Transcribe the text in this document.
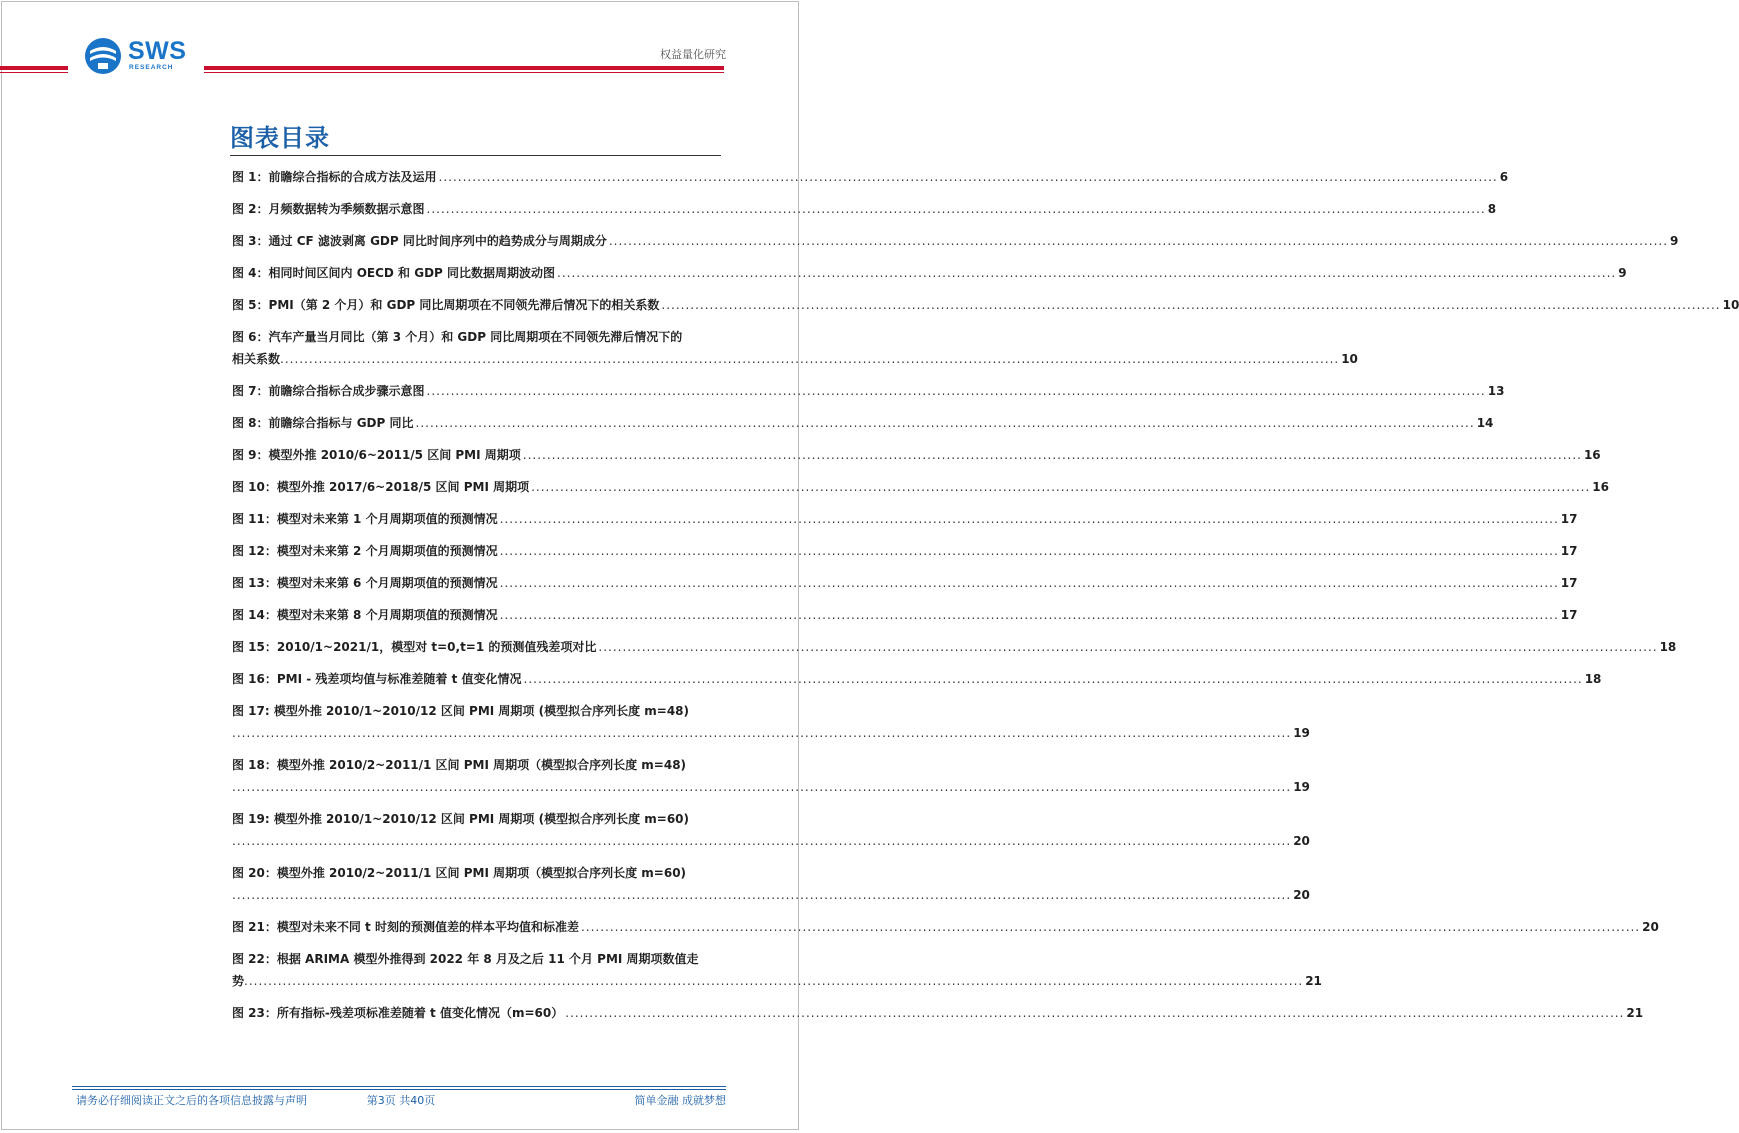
SWS
RESEARCH
权益量化研究
图表目录
图 1：前瞻综合指标的合成方法及运用 ............................................................................................................................................................................................................................ 6
图 2：月频数据转为季频数据示意图 ............................................................................................................................................................................................................................ 8
图 3：通过 CF 滤波剥离 GDP 同比时间序列中的趋势成分与周期成分 ............................................................................................................................................................................................................................ 9
图 4：相同时间区间内 OECD 和 GDP 同比数据周期波动图 ............................................................................................................................................................................................................................ 9
图 5：PMI（第 2 个月）和 GDP 同比周期项在不同领先滞后情况下的相关系数 ............................................................................................................................................................................................................................ 10
图 6：汽车产量当月同比（第 3 个月）和 GDP 同比周期项在不同领先滞后情况下的
相关系数 ............................................................................................................................................................................................................................ 10
图 7：前瞻综合指标合成步骤示意图 ............................................................................................................................................................................................................................ 13
图 8：前瞻综合指标与 GDP 同比 ............................................................................................................................................................................................................................ 14
图 9：模型外推 2010/6~2011/5 区间 PMI 周期项 ............................................................................................................................................................................................................................ 16
图 10：模型外推 2017/6~2018/5 区间 PMI 周期项 ............................................................................................................................................................................................................................ 16
图 11：模型对未来第 1 个月周期项值的预测情况 ............................................................................................................................................................................................................................ 17
图 12：模型对未来第 2 个月周期项值的预测情况 ............................................................................................................................................................................................................................ 17
图 13：模型对未来第 6 个月周期项值的预测情况 ............................................................................................................................................................................................................................ 17
图 14：模型对未来第 8 个月周期项值的预测情况 ............................................................................................................................................................................................................................ 17
图 15：2010/1~2021/1，模型对 t=0,t=1 的预测值残差项对比 ............................................................................................................................................................................................................................ 18
图 16：PMI - 残差项均值与标准差随着 t 值变化情况 ............................................................................................................................................................................................................................ 18
图 17: 模型外推 2010/1~2010/12 区间 PMI 周期项 (模型拟合序列长度 m=48)
............................................................................................................................................................................................................................ 19
图 18：模型外推 2010/2~2011/1 区间 PMI 周期项（模型拟合序列长度 m=48)
............................................................................................................................................................................................................................ 19
图 19: 模型外推 2010/1~2010/12 区间 PMI 周期项 (模型拟合序列长度 m=60)
............................................................................................................................................................................................................................ 20
图 20：模型外推 2010/2~2011/1 区间 PMI 周期项（模型拟合序列长度 m=60)
............................................................................................................................................................................................................................ 20
图 21：模型对未来不同 t 时刻的预测值差的样本平均值和标准差 ............................................................................................................................................................................................................................ 20
图 22：根据 ARIMA 模型外推得到 2022 年 8 月及之后 11 个月 PMI 周期项数值走
势 ............................................................................................................................................................................................................................ 21
图 23：所有指标-残差项标准差随着 t 值变化情况（m=60） ............................................................................................................................................................................................................................ 21
请务必仔细阅读正文之后的各项信息披露与声明	第3页 共40页	简单金融 成就梦想
